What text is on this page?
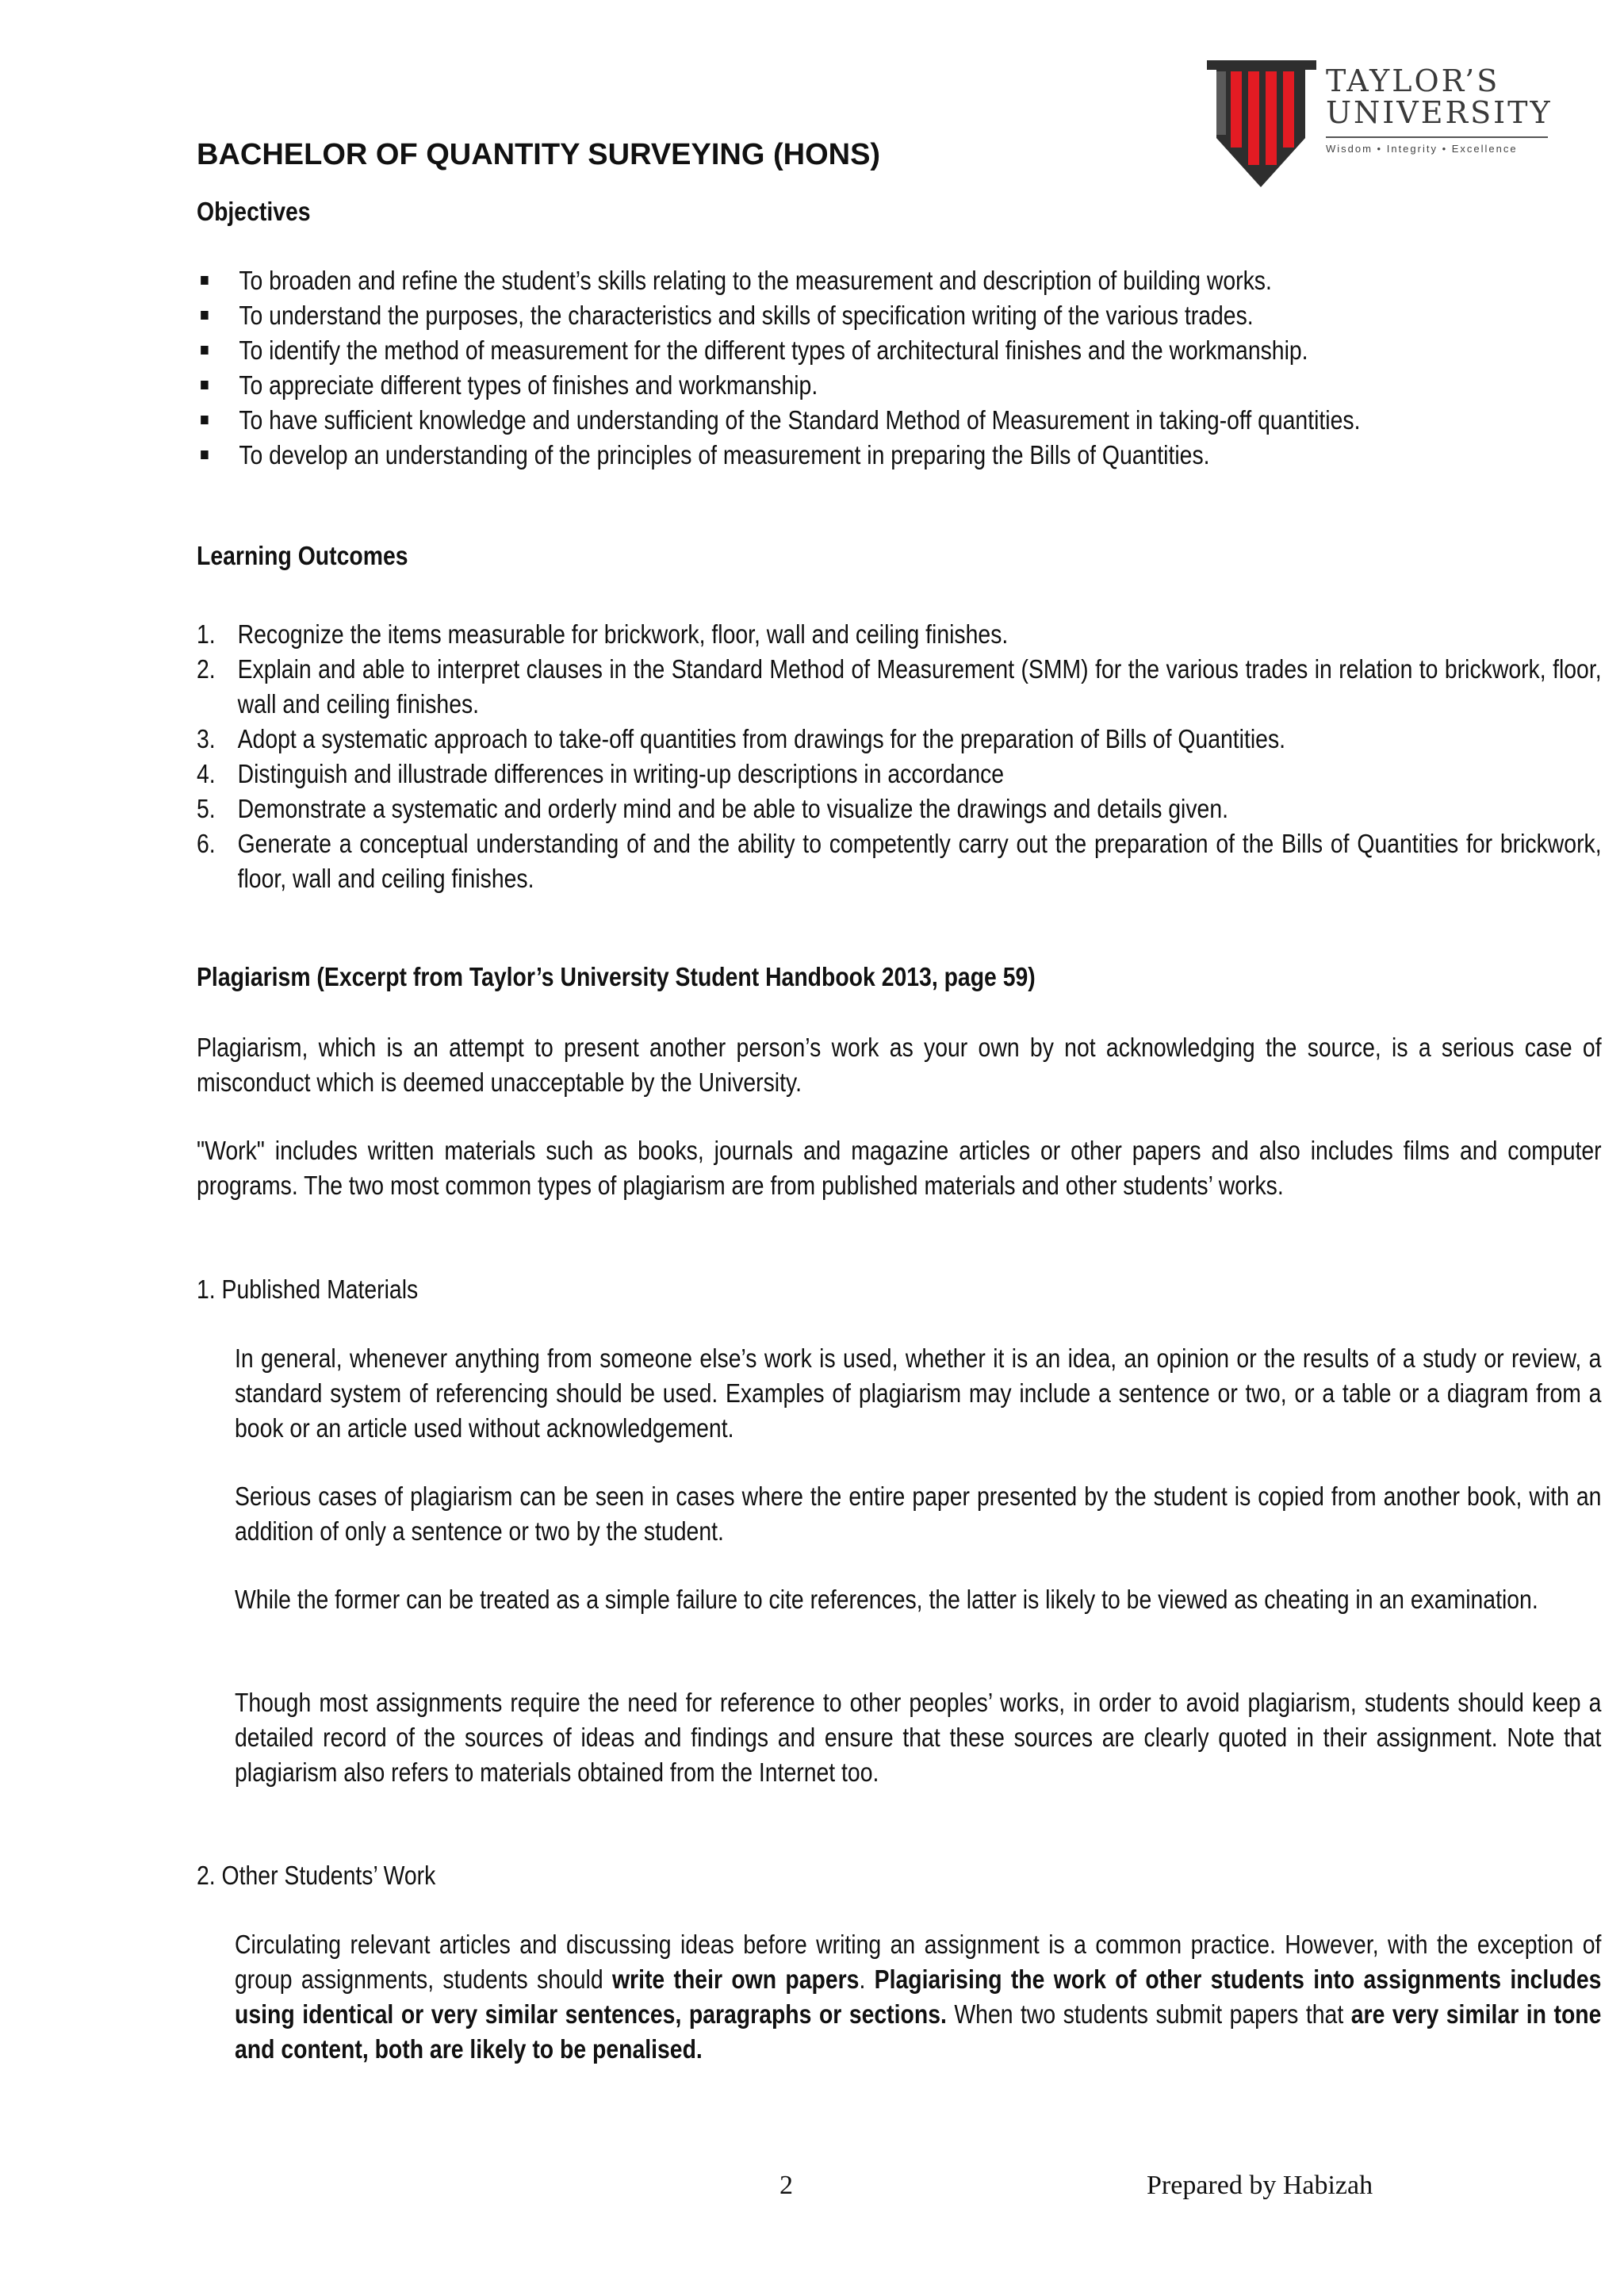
TAYLOR’S
UNIVERSITY
Wisdom • Integrity • Excellence
BACHELOR OF QUANTITY SURVEYING (HONS)
Objectives
To broaden and refine the student’s skills relating to the measurement and description of building works.
To understand the purposes, the characteristics and skills of specification writing of the various trades.
To identify the method of measurement for the different types of architectural finishes and the workmanship.
To appreciate different types of finishes and workmanship.
To have sufficient knowledge and understanding of the Standard Method of Measurement in taking-off quantities.
To develop an understanding of the principles of measurement in preparing the Bills of Quantities.
Learning Outcomes
1. Recognize the items measurable for brickwork, floor, wall and ceiling finishes.
2. Explain and able to interpret clauses in the Standard Method of Measurement (SMM) for the various trades in relation to brickwork, floor, wall and ceiling finishes.
3. Adopt a systematic approach to take-off quantities from drawings for the preparation of Bills of Quantities.
4. Distinguish and illustrade differences in writing-up descriptions in accordance
5. Demonstrate a systematic and orderly mind and be able to visualize the drawings and details given.
6. Generate a conceptual understanding of and the ability to competently carry out the preparation of the Bills of Quantities for brickwork, floor, wall and ceiling finishes.
Plagiarism (Excerpt from Taylor’s University Student Handbook 2013, page 59)

Plagiarism, which is an attempt to present another person’s work as your own by not acknowledging the source, is a serious case of misconduct which is deemed unacceptable by the University.

"Work" includes written materials such as books, journals and magazine articles or other papers and also includes films and computer programs. The two most common types of plagiarism are from published materials and other students’ works.

1. Published Materials

In general, whenever anything from someone else’s work is used, whether it is an idea, an opinion or the results of a study or review, a standard system of referencing should be used. Examples of plagiarism may include a sentence or two, or a table or a diagram from a book or an article used without acknowledgement.

Serious cases of plagiarism can be seen in cases where the entire paper presented by the student is copied from another book, with an addition of only a sentence or two by the student.

While the former can be treated as a simple failure to cite references, the latter is likely to be viewed as cheating in an examination.

Though most assignments require the need for reference to other peoples’ works, in order to avoid plagiarism, students should keep a detailed record of the sources of ideas and findings and ensure that these sources are clearly quoted in their assignment. Note that plagiarism also refers to materials obtained from the Internet too.

2. Other Students’ Work

Circulating relevant articles and discussing ideas before writing an assignment is a common practice. However, with the exception of group assignments, students should write their own papers. Plagiarising the work of other students into assignments includes using identical or very similar sentences, paragraphs or sections. When two students submit papers that are very similar in tone and content, both are likely to be penalised.

2	Prepared by Habizah
